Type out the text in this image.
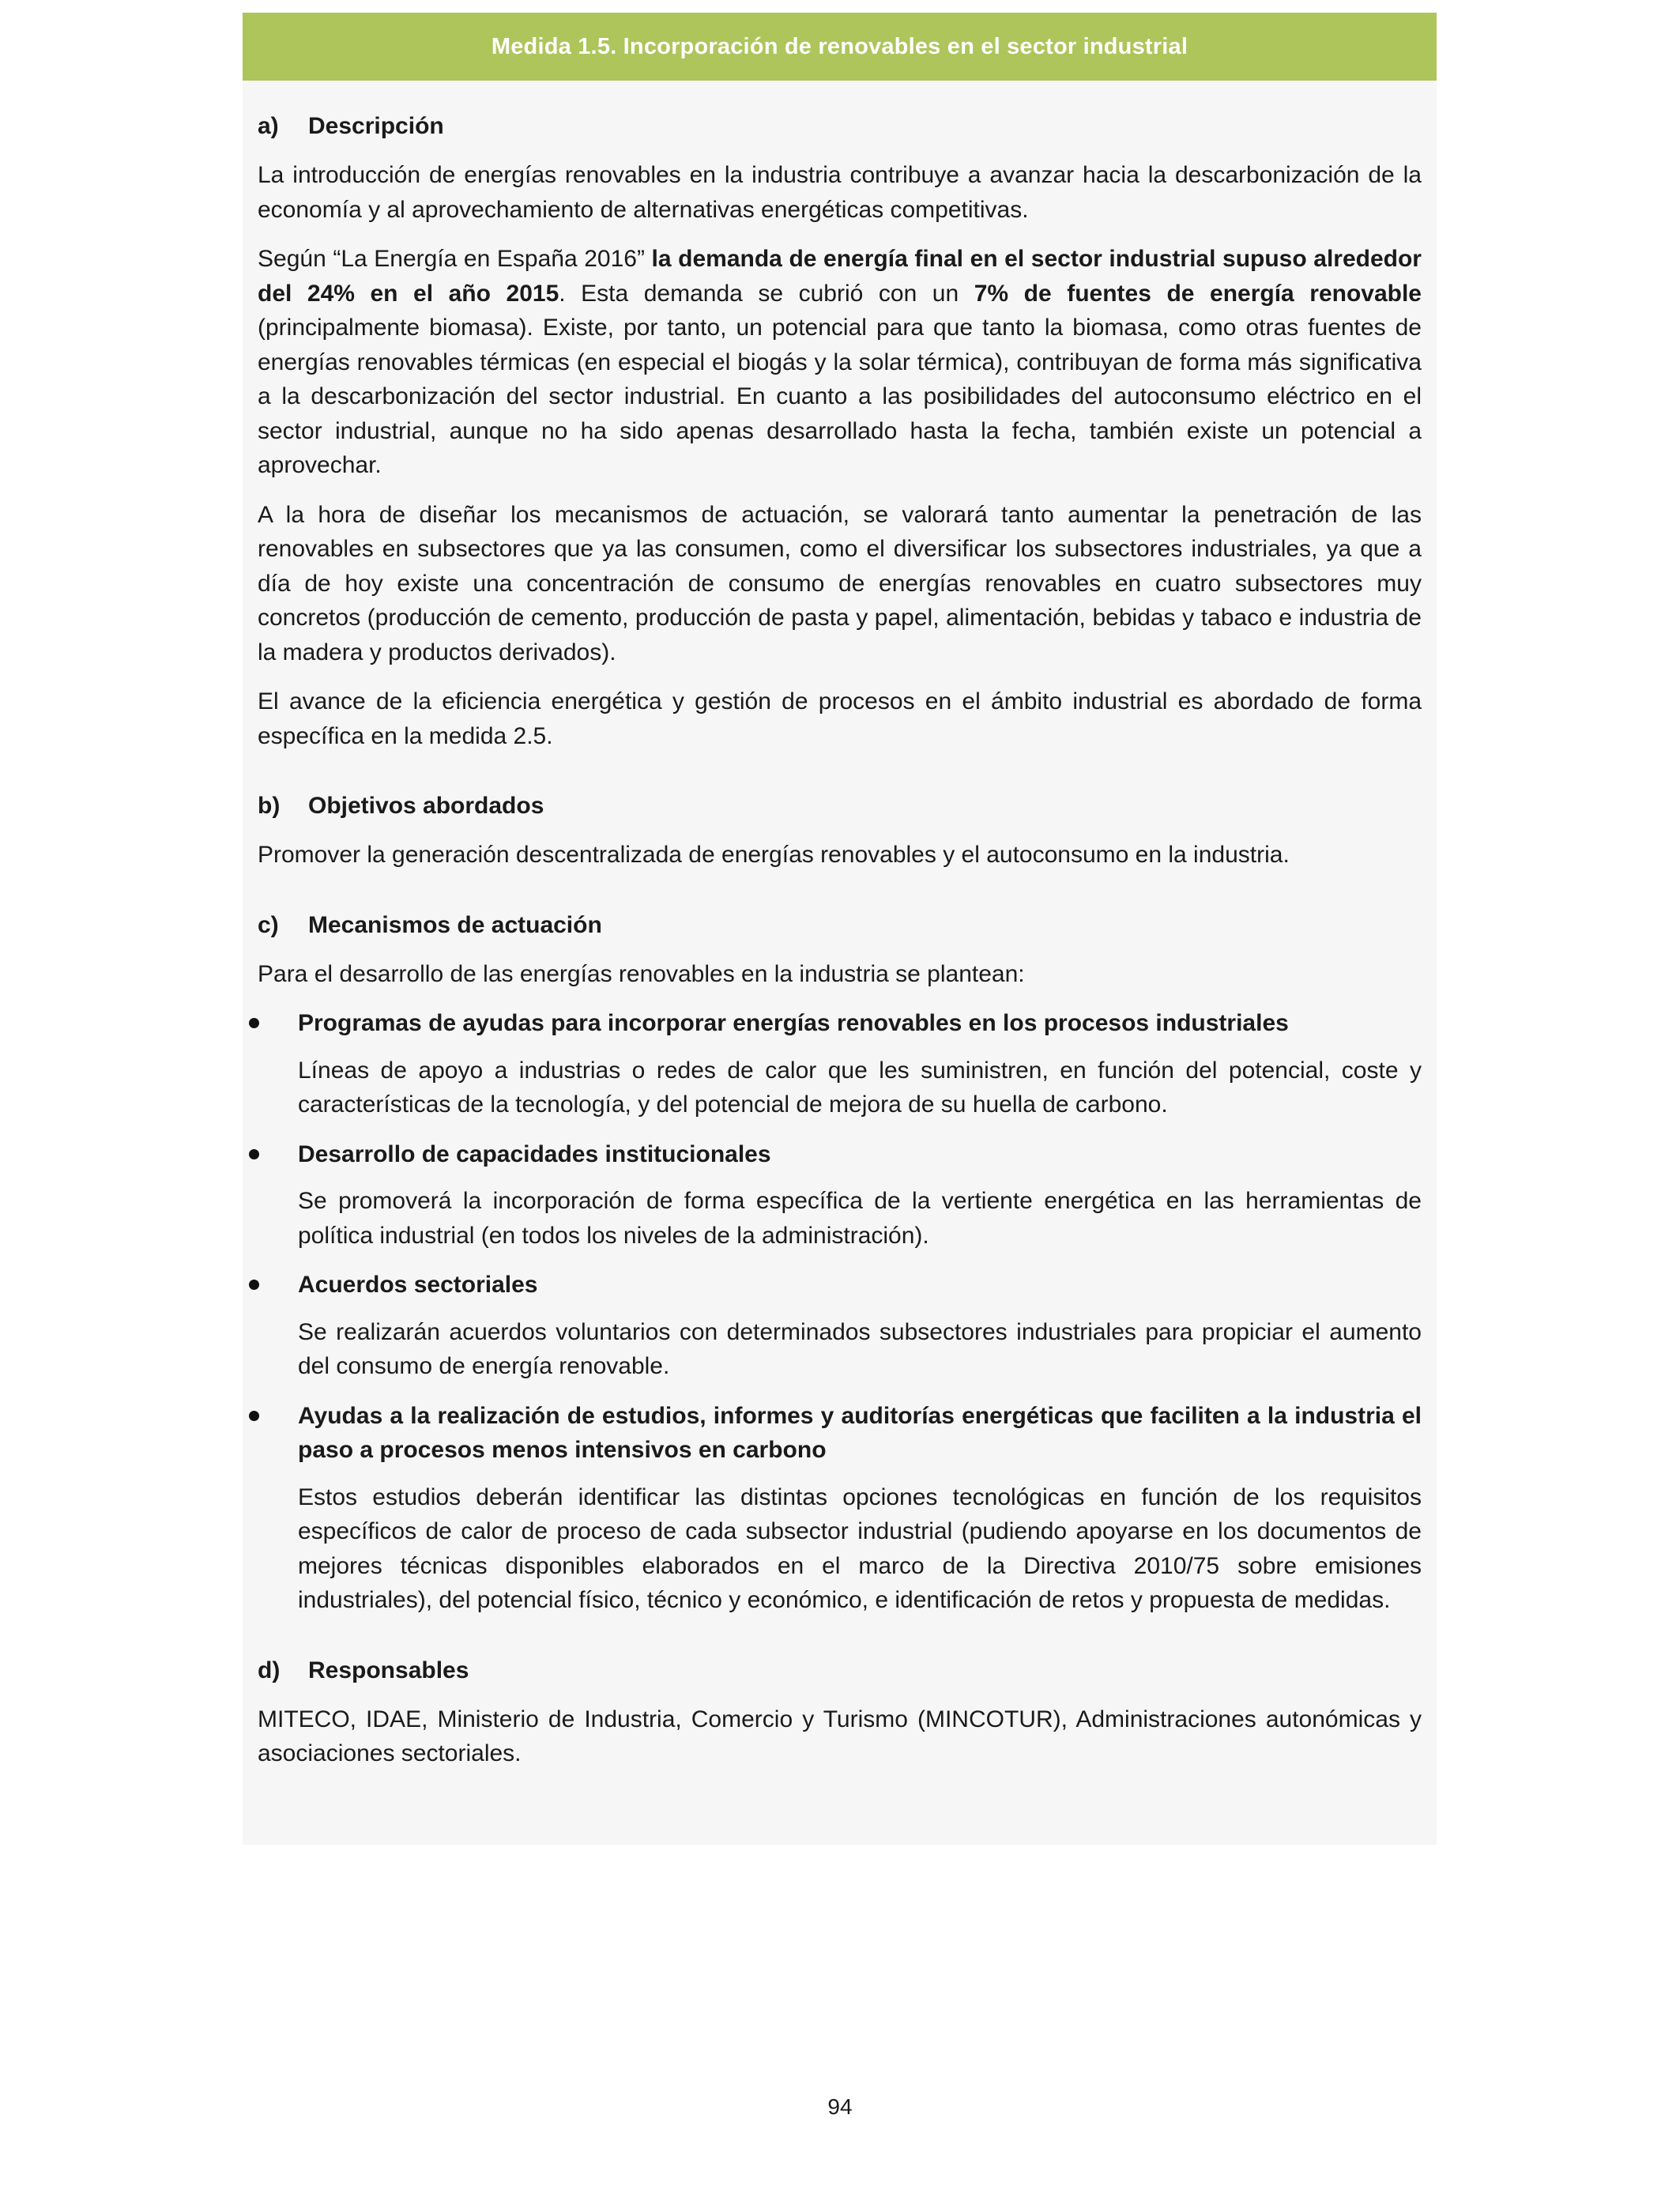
Medida 1.5. Incorporación de renovables en el sector industrial
a)	Descripción

La introducción de energías renovables en la industria contribuye a avanzar hacia la descarbonización de la economía y al aprovechamiento de alternativas energéticas competitivas.

Según “La Energía en España 2016” la demanda de energía final en el sector industrial supuso alrededor del 24% en el año 2015. Esta demanda se cubrió con un 7% de fuentes de energía renovable (principalmente biomasa). Existe, por tanto, un potencial para que tanto la biomasa, como otras fuentes de energías renovables térmicas (en especial el biogás y la solar térmica), contribuyan de forma más significativa a la descarbonización del sector industrial. En cuanto a las posibilidades del autoconsumo eléctrico en el sector industrial, aunque no ha sido apenas desarrollado hasta la fecha, también existe un potencial a aprovechar.

A la hora de diseñar los mecanismos de actuación, se valorará tanto aumentar la penetración de las renovables en subsectores que ya las consumen, como el diversificar los subsectores industriales, ya que a día de hoy existe una concentración de consumo de energías renovables en cuatro subsectores muy concretos (producción de cemento, producción de pasta y papel, alimentación, bebidas y tabaco e industria de la madera y productos derivados).

El avance de la eficiencia energética y gestión de procesos en el ámbito industrial es abordado de forma específica en la medida 2.5.

b)	Objetivos abordados

Promover la generación descentralizada de energías renovables y el autoconsumo en la industria.

c)	Mecanismos de actuación

Para el desarrollo de las energías renovables en la industria se plantean:

Programas de ayudas para incorporar energías renovables en los procesos industriales

Líneas de apoyo a industrias o redes de calor que les suministren, en función del potencial, coste y características de la tecnología, y del potencial de mejora de su huella de carbono.

Desarrollo de capacidades institucionales

Se promoverá la incorporación de forma específica de la vertiente energética en las herramientas de política industrial (en todos los niveles de la administración).

Acuerdos sectoriales

Se realizarán acuerdos voluntarios con determinados subsectores industriales para propiciar el aumento del consumo de energía renovable.

Ayudas a la realización de estudios, informes y auditorías energéticas que faciliten a la industria el paso a procesos menos intensivos en carbono

Estos estudios deberán identificar las distintas opciones tecnológicas en función de los requisitos específicos de calor de proceso de cada subsector industrial (pudiendo apoyarse en los documentos de mejores técnicas disponibles elaborados en el marco de la Directiva 2010/75 sobre emisiones industriales), del potencial físico, técnico y económico, e identificación de retos y propuesta de medidas.

d)	Responsables

MITECO, IDAE, Ministerio de Industria, Comercio y Turismo (MINCOTUR), Administraciones autonómicas y asociaciones sectoriales.

94
